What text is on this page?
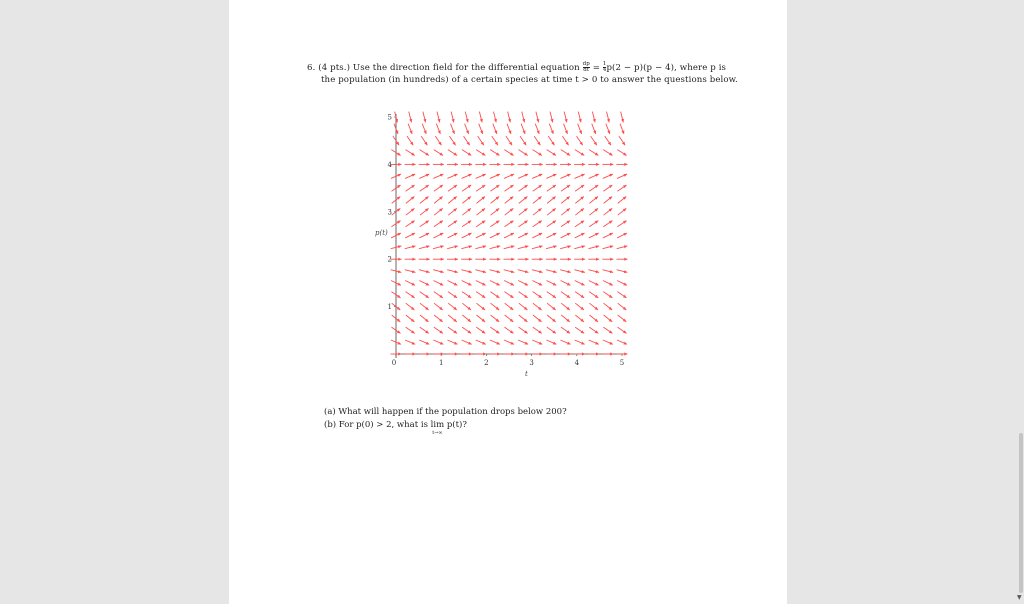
6. (4 pts.) Use the direction field for the differential equation $\frac{dp}{dt} = \frac{1}{4} p(2 - p)(p - 4)$, where p is
the population (in hundreds) of a certain species at time t > 0 to answer the questions below.
0	1	2	3	4	5
1
2
3
4
5
p(t)
t
(a) What will happen if the population drops below 200?
(b) For p(0) > 2, what is lim
t→∞
p(t)?
▼
